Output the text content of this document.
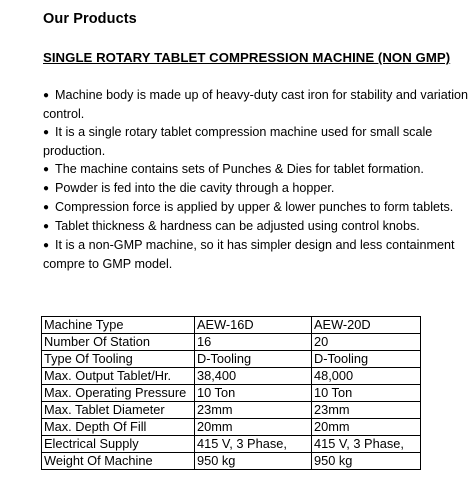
Our Products
SINGLE ROTARY TABLET COMPRESSION MACHINE (NON GMP)
● Machine body is made up of heavy-duty cast iron for stability and variation control.
● It is a single rotary tablet compression machine used for small scale production.
● The machine contains sets of Punches & Dies for tablet formation.
● Powder is fed into the die cavity through a hopper.
● Compression force is applied by upper & lower punches to form tablets.
● Tablet thickness & hardness can be adjusted using control knobs.
● It is a non-GMP machine, so it has simpler design and less containment compre to GMP model.
Machine Type	AEW-16D	AEW-20D
Number Of Station	16	20
Type Of Tooling	D-Tooling	D-Tooling
Max. Output Tablet/Hr.	38,400	48,000
Max. Operating Pressure	10 Ton	10 Ton
Max. Tablet Diameter	23mm	23mm
Max. Depth Of Fill	20mm	20mm
Electrical Supply	415 V, 3 Phase,	415 V, 3 Phase,
Weight Of Machine	950 kg	950 kg
